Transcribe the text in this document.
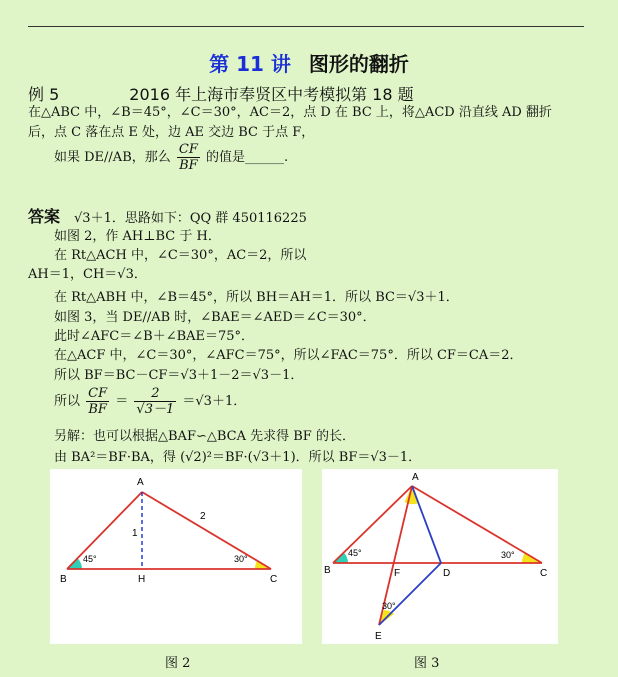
第 11 讲 图形的翻折
例 5	2016 年上海市奉贤区中考模拟第 18 题
在△ABC 中，∠B＝45°，∠C＝30°，AC＝2，点 D 在 BC 上，将△ACD 沿直线 AD 翻折
后，点 C 落在点 E 处，边 AE 交边 BC 于点 F，
如果 DE//AB，那么 $\frac{CF}{BF}$ 的值是______.
答案 √3＋1．思路如下：QQ 群 450116225
如图 2，作 AH⊥BC 于 H．
在 Rt△ACH 中，∠C＝30°，AC＝2，所以
AH＝1，CH＝√3．
在 Rt△ABH 中，∠B＝45°，所以 BH＝AH＝1．所以 BC＝√3＋1．
如图 3，当 DE//AB 时，∠BAE＝∠AED＝∠C＝30°．
此时∠AFC＝∠B＋∠BAE＝75°．
在△ACF 中，∠C＝30°，∠AFC＝75°，所以∠FAC＝75°．所以 CF＝CA＝2．
所以 BF＝BC－CF＝√3＋1－2＝√3－1．
所以 $\frac{CF}{BF} = \frac{2}{√3-1} =√3+1$．
另解：也可以根据△BAF∽△BCA 先求得 BF 的长．
由 BA²＝BF·BA，得 (√2)²＝BF·(√3＋1)．所以 BF＝√3－1．
A
B	C
H
1
2
45°	30°
图 2
A
B	C
D
F
E
45°	30°
30°
图 3
